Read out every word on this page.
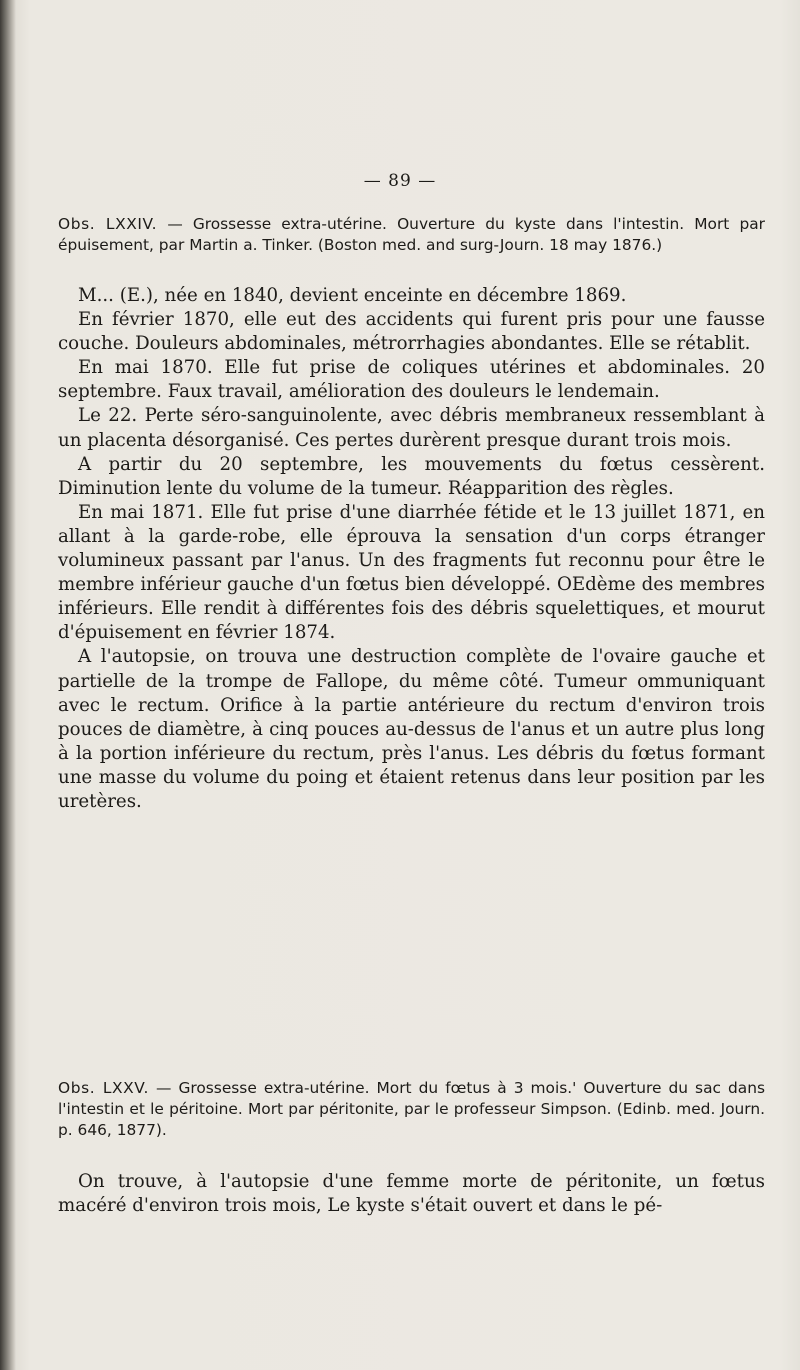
— 89 —

Obs. LXXIV. — Grossesse extra-utérine. Ouverture du kyste dans l'intestin. Mort par épuisement, par Martin a. Tinker. (Boston med. and surg-Journ. 18 may 1876.)

M... (E.), née en 1840, devient enceinte en décembre 1869.

En février 1870, elle eut des accidents qui furent pris pour une fausse couche. Douleurs abdominales, métrorrhagies abondantes. Elle se rétablit.

En mai 1870. Elle fut prise de coliques utérines et abdominales. 20 septembre. Faux travail, amélioration des douleurs le lendemain.

Le 22. Perte séro-sanguinolente, avec débris membraneux ressemblant à un placenta désorganisé. Ces pertes durèrent presque durant trois mois.

A partir du 20 septembre, les mouvements du fœtus cessèrent. Diminution lente du volume de la tumeur. Réapparition des règles.

En mai 1871. Elle fut prise d'une diarrhée fétide et le 13 juillet 1871, en allant à la garde-robe, elle éprouva la sensation d'un corps étranger volumineux passant par l'anus. Un des fragments fut reconnu pour être le membre inférieur gauche d'un fœtus bien développé. OEdème des membres inférieurs. Elle rendit à différentes fois des débris squelettiques, et mourut d'épuisement en février 1874.

A l'autopsie, on trouva une destruction complète de l'ovaire gauche et partielle de la trompe de Fallope, du même côté. Tumeur ommuniquant avec le rectum. Orifice à la partie antérieure du rectum d'environ trois pouces de diamètre, à cinq pouces au-dessus de l'anus et un autre plus long à la portion inférieure du rectum, près l'anus. Les débris du fœtus formant une masse du volume du poing et étaient retenus dans leur position par les uretères.

Obs. LXXV. — Grossesse extra-utérine. Mort du fœtus à 3 mois.' Ouverture du sac dans l'intestin et le péritoine. Mort par péritonite, par le professeur Simpson. (Edinb. med. Journ. p. 646, 1877).

On trouve, à l'autopsie d'une femme morte de péritonite, un fœtus macéré d'environ trois mois, Le kyste s'était ouvert et dans le pé-
